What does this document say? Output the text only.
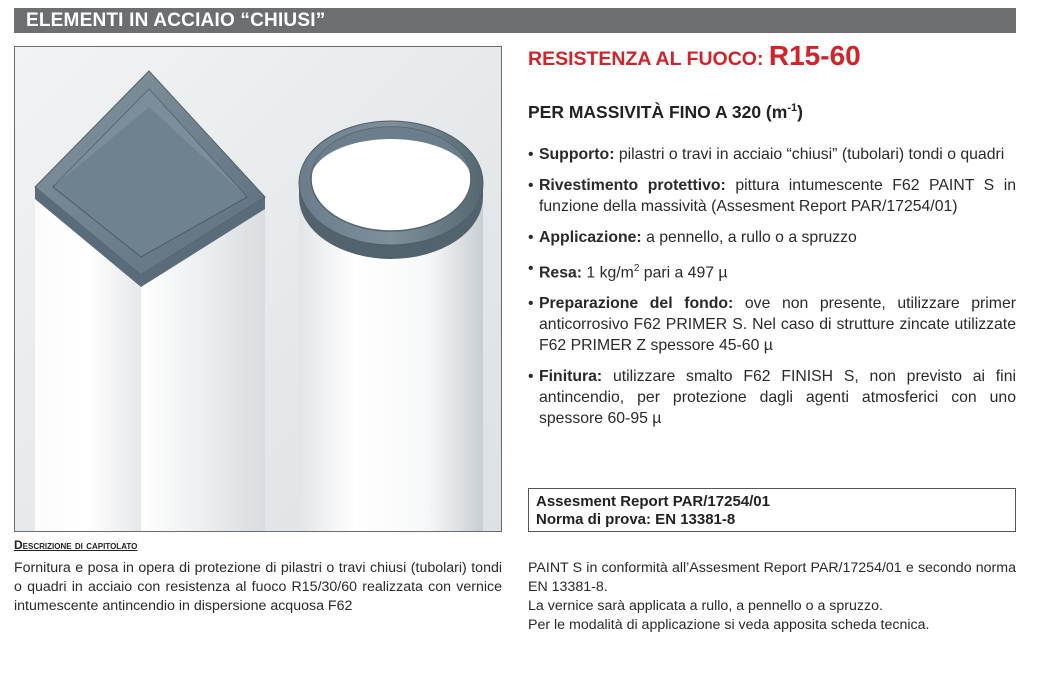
ELEMENTI IN ACCIAIO “CHIUSI”
RESISTENZA AL FUOCO: R15-60
PER MASSIVITÀ FINO A 320 $(m^{-1})$
• Supporto: pilastri o travi in acciaio “chiusi” (tubolari) tondi o quadri
• Rivestimento protettivo: pittura intumescente F62 PAINT S in funzione della massività (Assesment Report PAR/17254/01)
• Applicazione: a pennello, a rullo o a spruzzo
• Resa: 1 $kg/m^2$ pari a 497 µ
• Preparazione del fondo: ove non presente, utilizzare primer anticorrosivo F62 PRIMER S. Nel caso di strutture zincate utilizzate F62 PRIMER Z spessore 45-60 µ
• Finitura: utilizzare smalto F62 FINISH S, non previsto ai fini antincendio, per protezione dagli agenti atmosferici con uno spessore 60-95 µ
Assesment Report PAR/17254/01
Norma di prova: EN 13381-8
Descrizione di capitolato
Fornitura e posa in opera di protezione di pilastri o travi chiusi (tubolari) tondi o quadri in acciaio con resistenza al fuoco R15/30/60 realizzata con vernice intumescente antincendio in dispersione acquosa F62

PAINT S in conformità all’Assesment Report PAR/17254/01 e secondo norma EN 13381-8.

La vernice sarà applicata a rullo, a pennello o a spruzzo.

Per le modalità di applicazione si veda apposita scheda tecnica.
